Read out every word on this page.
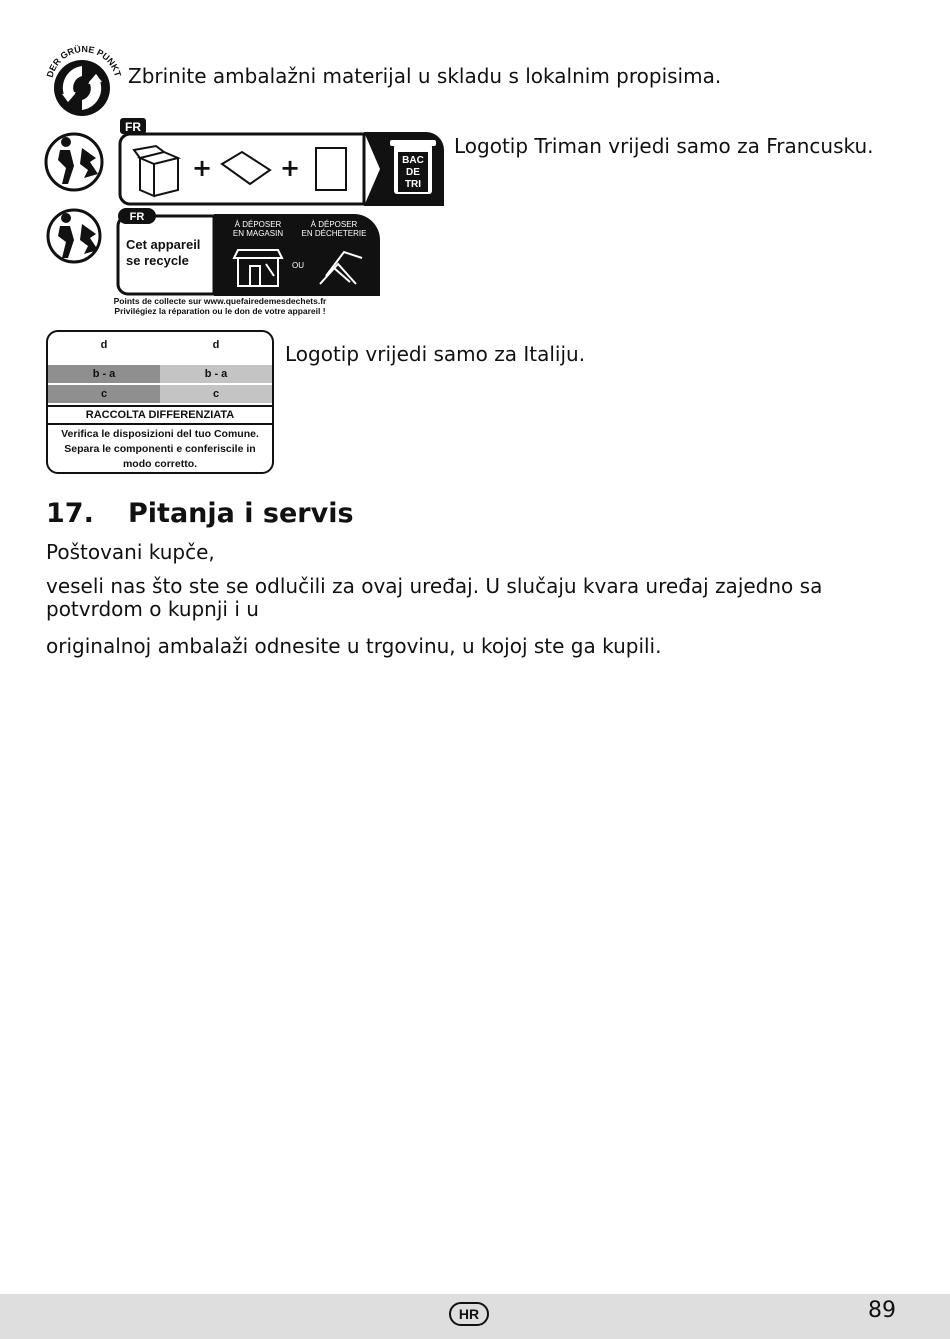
DER GRÜNE PUNKT Zbrinite ambalažni materijal u skladu s lokalnim propisima.
FR
+	+	BAC
DE
TRI
Logotip Triman vrijedi samo za Francusku.
FR
Cet appareil
se recycle
À DÉPOSER
EN MAGASIN
À DÉPOSER
EN DÉCHETERIE
OU
Points de collecte sur www.quefairedemesdechets.fr
Privilégiez la réparation ou le don de votre appareil !
d	d
b - a	b - a
c	c
RACCOLTA DIFFERENZIATA
Verifica le disposizioni del tuo Comune.
Separa le componenti e conferiscile in
modo corretto.
Logotip vrijedi samo za Italiju.
17. Pitanja i servis
Poštovani kupče,
veseli nas što ste se odlučili za ovaj uređaj. U slučaju kvara uređaj zajedno sa potvrdom o kupnji i u
originalnoj ambalaži odnesite u trgovinu, u kojoj ste ga kupili.
HR	89
